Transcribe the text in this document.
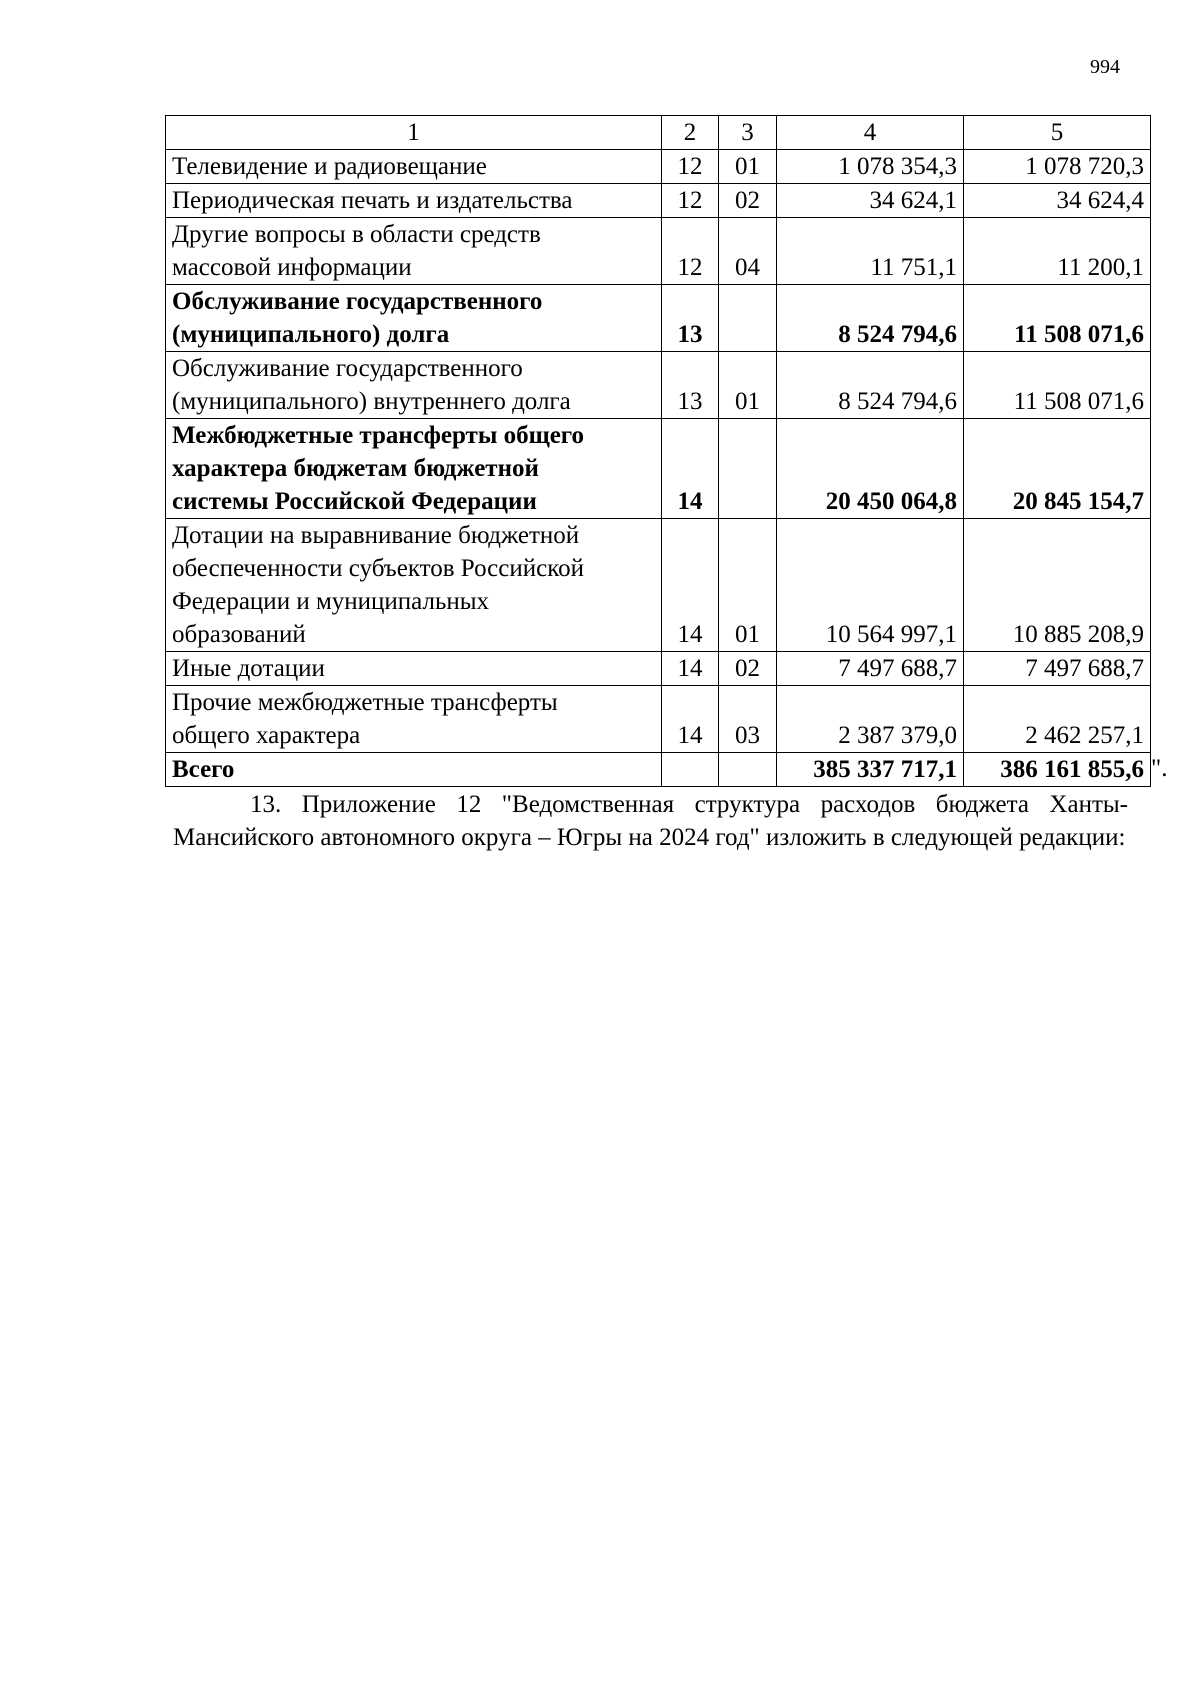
994
1	2	3	4	5
Телевидение и радиовещание	12	01	1 078 354,3	1 078 720,3
Периодическая печать и издательства	12	02	34 624,1	34 624,4
Другие вопросы в области средств
массовой информации	12	04	11 751,1	11 200,1
Обслуживание государственного
(муниципального) долга	13		8 524 794,6	11 508 071,6
Обслуживание государственного
(муниципального) внутреннего долга	13	01	8 524 794,6	11 508 071,6
Межбюджетные трансферты общего
характера бюджетам бюджетной
системы Российской Федерации	14		20 450 064,8	20 845 154,7
Дотации на выравнивание бюджетной
обеспеченности субъектов Российской
Федерации и муниципальных
образований	14	01	10 564 997,1	10 885 208,9
Иные дотации	14	02	7 497 688,7	7 497 688,7
Прочие межбюджетные трансферты
общего характера	14	03	2 387 379,0	2 462 257,1
Всего			385 337 717,1	386 161 855,6 ".
13. Приложение 12 "Ведомственная структура расходов бюджета Ханты-Мансийского автономного округа – Югры на 2024 год" изложить в следующей редакции:
